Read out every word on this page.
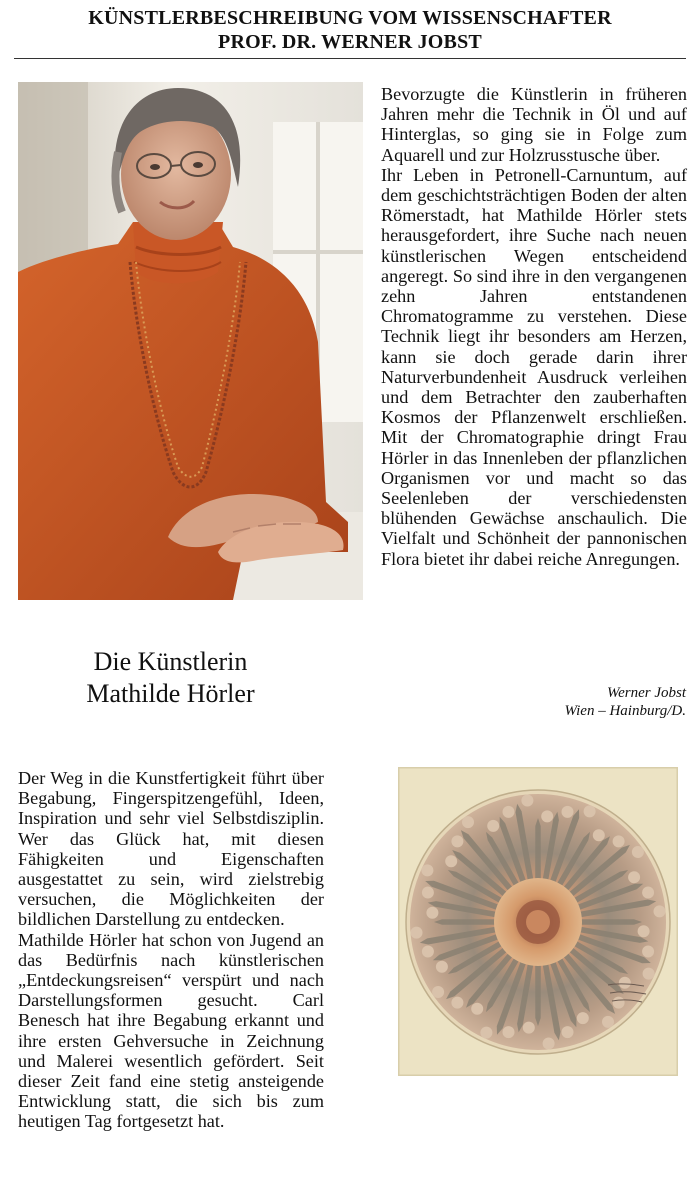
KÜNSTLERBESCHREIBUNG VOM WISSENSCHAFTER
PROF. DR. WERNER JOBST

Bevorzugte die Künstlerin in früheren Jahren mehr die Technik in Öl und auf Hinterglas, so ging sie in Folge zum Aquarell und zur Holzrusstusche über.

Ihr Leben in Petronell-Carnuntum, auf dem geschichtsträchtigen Boden der alten Römerstadt, hat Mathilde Hörler stets herausgefordert, ihre Suche nach neuen künstlerischen Wegen entscheidend angeregt. So sind ihre in den vergangenen zehn Jahren entstandenen Chromatogramme zu verstehen. Diese Technik liegt ihr besonders am Herzen, kann sie doch gerade darin ihrer Naturverbundenheit Ausdruck verleihen und dem Betrachter den zauberhaften Kosmos der Pflanzenwelt erschließen. Mit der Chromatographie dringt Frau Hörler in das Innenleben der pflanzlichen Organismen vor und macht so das Seelenleben der verschiedensten blühenden Gewächse anschaulich. Die Vielfalt und Schönheit der pannonischen Flora bietet ihr dabei reiche Anregungen.

Die Künstlerin
Mathilde Hörler	Werner Jobst
Wien – Hainburg/D.

Der Weg in die Kunstfertigkeit führt über Begabung, Fingerspitzengefühl, Ideen, Inspiration und sehr viel Selbstdisziplin. Wer das Glück hat, mit diesen Fähigkeiten und Eigenschaften ausgestattet zu sein, wird zielstrebig versuchen, die Möglichkeiten der bildlichen Darstellung zu entdecken.

Mathilde Hörler hat schon von Jugend an das Bedürfnis nach künstlerischen „Entdeckungsreisen“ verspürt und nach Darstellungsformen gesucht. Carl Benesch hat ihre Begabung erkannt und ihre ersten Gehversuche in Zeichnung und Malerei wesentlich gefördert. Seit dieser Zeit fand eine stetig ansteigende Entwicklung statt, die sich bis zum heutigen Tag fortgesetzt hat.
